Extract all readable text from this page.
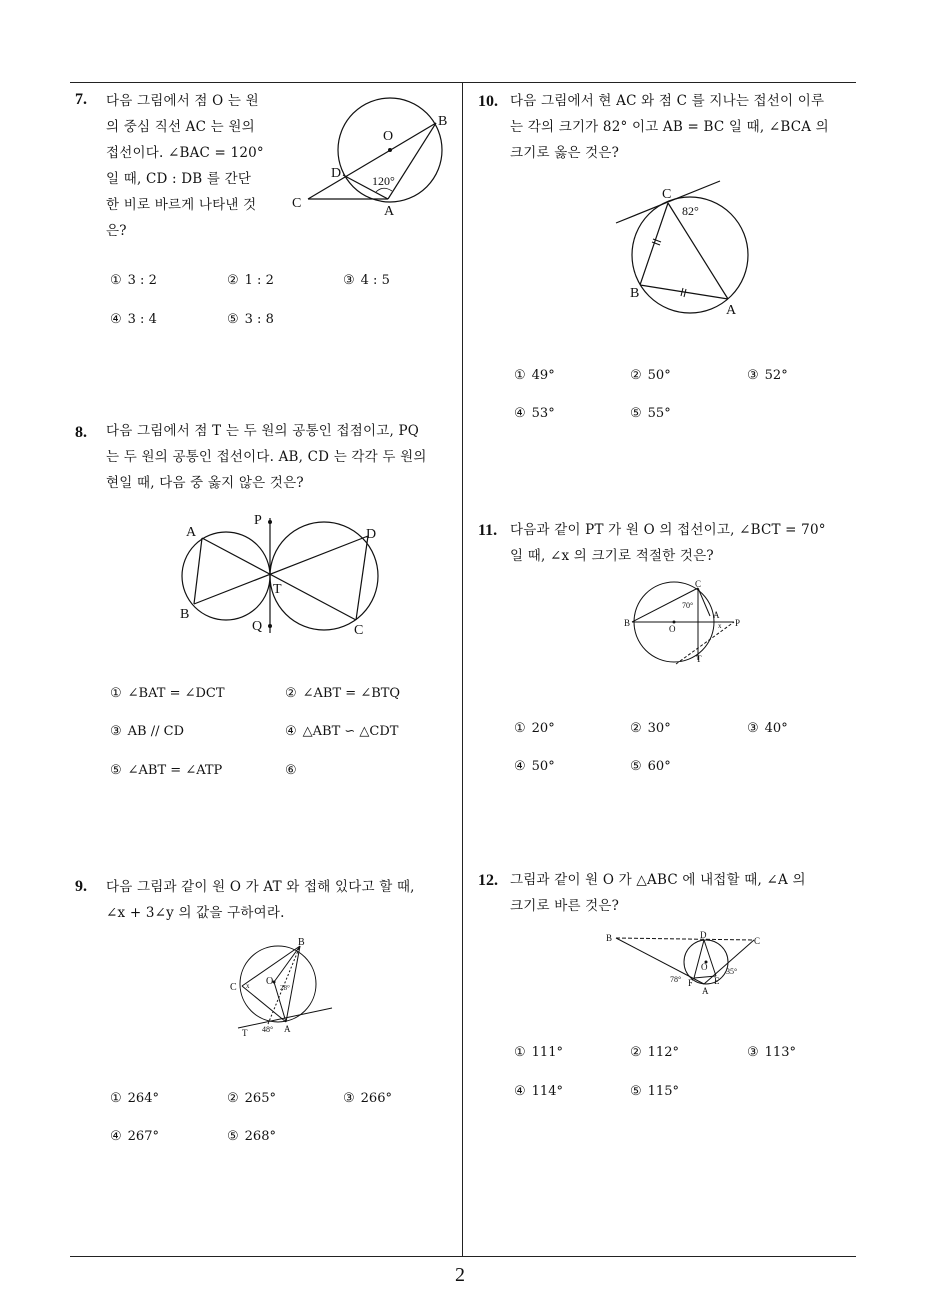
7. 다음 그림에서 점 O 는 원
의 중심 직선 AC 는 원의
접선이다. ∠BAC = 120°
일 때, CD : DB 를 간단
한 비로 바르게 나타낸 것
은?
O
B
D
C
A
120°
① 3 : 2	② 1 : 2	③ 4 : 5
④ 3 : 4	⑤ 3 : 8
8. 다음 그림에서 점 T 는 두 원의 공통인 접점이고, PQ
는 두 원의 공통인 접선이다. AB, CD 는 각각 두 원의
현일 때, 다음 중 옳지 않은 것은?
A
P
D
T
B
Q	C
① ∠BAT = ∠DCT	② ∠ABT = ∠BTQ
③ AB // CD	④ △ABT ∽ △CDT
⑤ ∠ABT = ∠ATP	⑥
9. 다음 그림과 같이 원 O 가 AT 와 접해 있다고 할 때,
∠x + 3∠y 의 값을 구하여라.
B
C
O
A
T
x	28°
48°
① 264°	② 265°	③ 266°
④ 267°	⑤ 268°
10. 다음 그림에서 현 AC 와 점 C 를 지나는 접선이 이루
는 각의 크기가 82° 이고 AB = BC 일 때, ∠BCA 의
크기로 옳은 것은?
C
B
A
82°
① 49°	② 50°	③ 52°
④ 53°	⑤ 55°
11. 다음과 같이 PT 가 원 O 의 접선이고, ∠BCT = 70°
일 때, ∠x 의 크기로 적절한 것은?
C
B
O
A
P
T
70°
x
① 20°	② 30°	③ 40°
④ 50°	⑤ 60°
12. 그림과 같이 원 O 가 △ABC 에 내접할 때, ∠A 의
크기로 바른 것은?
B	D
C
O
F E
A
78°
35°
① 111°	② 112°	③ 113°
④ 114°	⑤ 115°
2
